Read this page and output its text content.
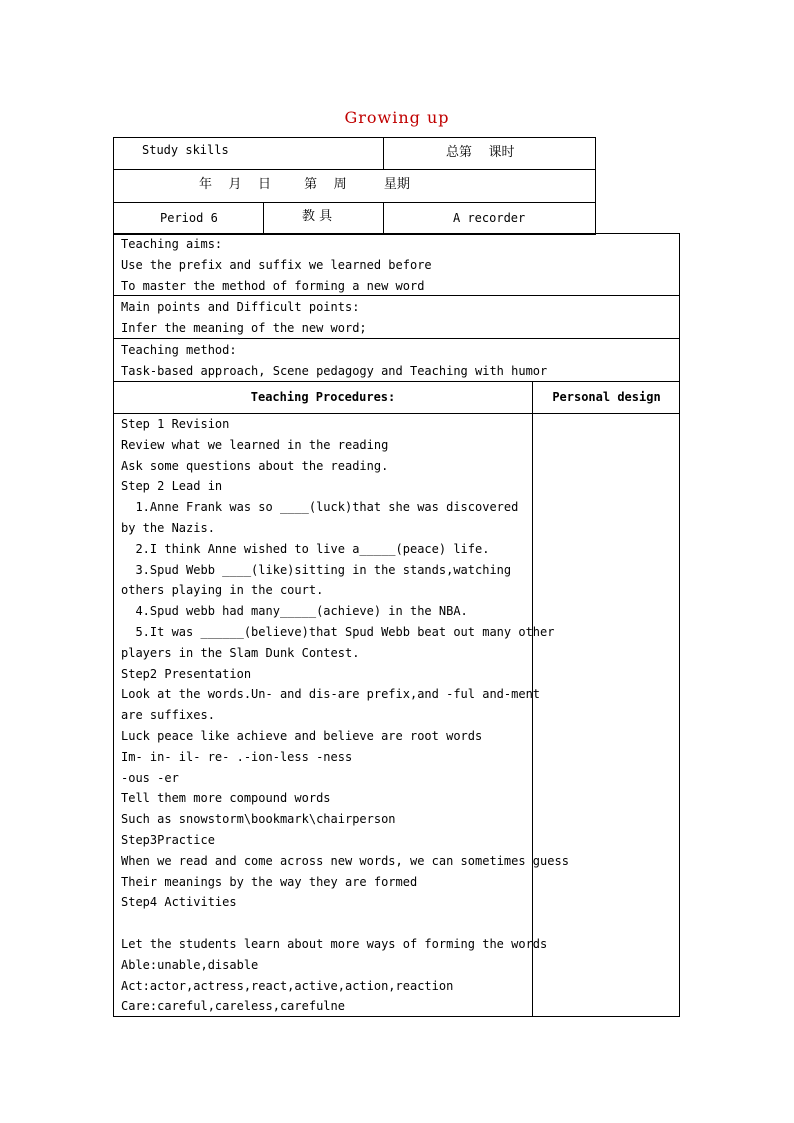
Growing up
Study skills	总第    课时
年    月    日        第    周         星期
Period 6	教 具	A recorder
Teaching aims:
Use the prefix and suffix we learned before
To master the method of forming a new word
Main points and Difficult points:
Infer the meaning of the new word;
Teaching method:
Task-based approach, Scene pedagogy and Teaching with humor
Teaching Procedures:	Personal design
Step 1 Revision
Review what we learned in the reading
Ask some questions about the reading.
Step 2 Lead in
1.Anne Frank was so ____(luck)that she was discovered
by the Nazis.
2.I think Anne wished to live a_____(peace) life.
3.Spud Webb ____(like)sitting in the stands,watching
others playing in the court.
4.Spud webb had many_____(achieve) in the NBA.
5.It was ______(believe)that Spud Webb beat out many other
players in the Slam Dunk Contest.
Step2 Presentation
Look at the words.Un- and dis-are prefix,and -ful and-ment
are suffixes.
Luck peace like achieve and believe are root words
Im- in- il- re- .-ion-less -ness
-ous -er
Tell them more compound words
Such as snowstorm\bookmark\chairperson
Step3Practice
When we read and come across new words, we can sometimes guess
Their meanings by the way they are formed
Step4 Activities
Let the students learn about more ways of forming the words
Able:unable,disable
Act:actor,actress,react,active,action,reaction
Care:careful,careless,carefulne
